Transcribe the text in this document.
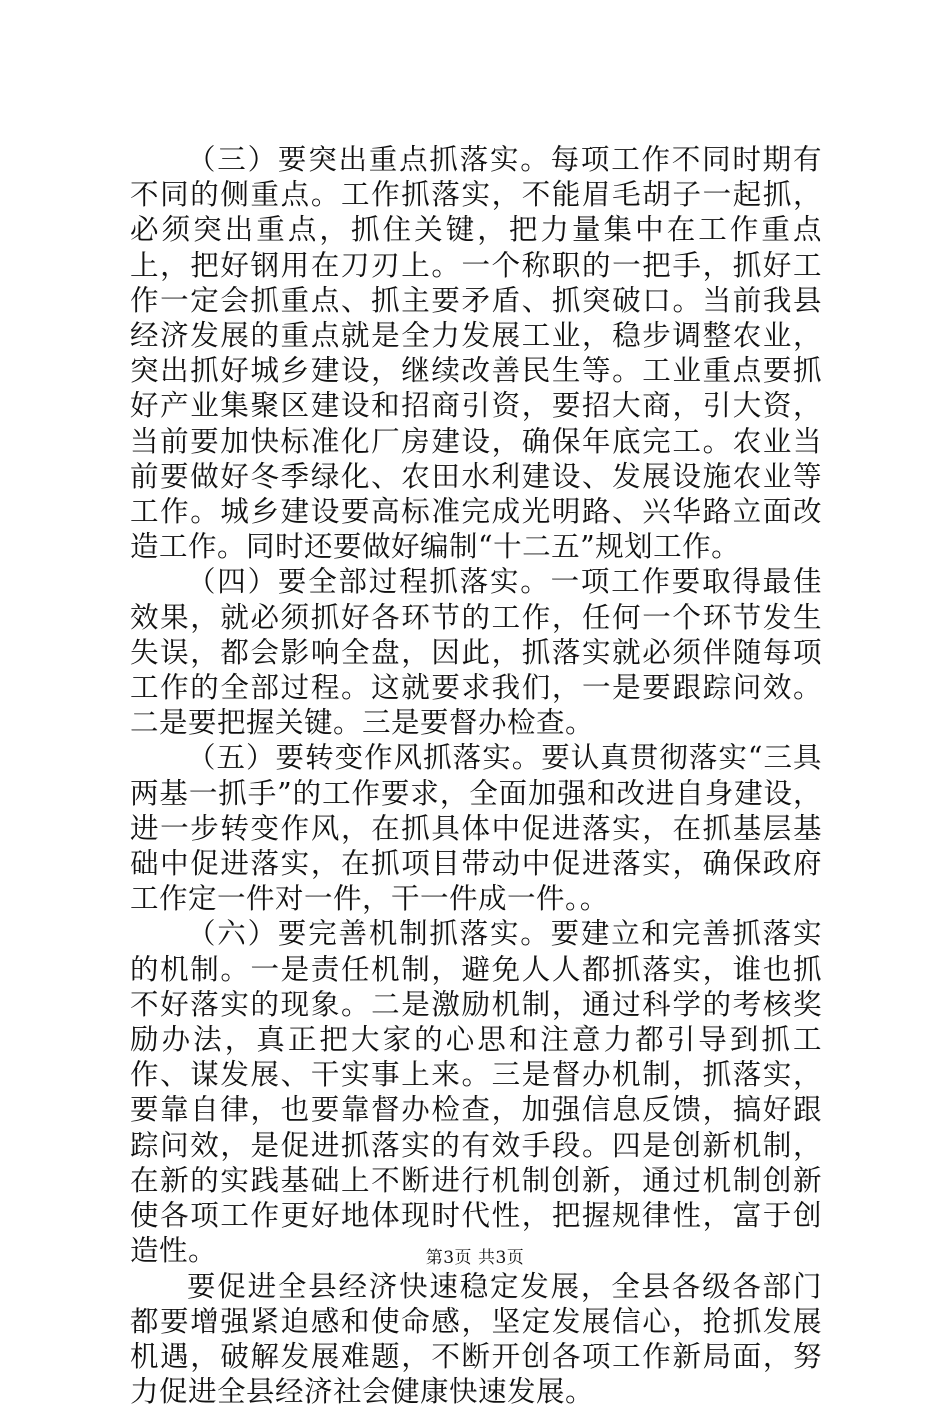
（三）要突出重点抓落实。每项工作不同时期有不同的侧重点。工作抓落实，不能眉毛胡子一起抓，必须突出重点，抓住关键，把力量集中在工作重点上，把好钢用在刀刃上。一个称职的一把手，抓好工作一定会抓重点、抓主要矛盾、抓突破口。当前我县经济发展的重点就是全力发展工业，稳步调整农业，突出抓好城乡建设，继续改善民生等。工业重点要抓好产业集聚区建设和招商引资，要招大商，引大资，当前要加快标准化厂房建设，确保年底完工。农业当前要做好冬季绿化、农田水利建设、发展设施农业等工作。城乡建设要高标准完成光明路、兴华路立面改造工作。同时还要做好编制“十二五”规划工作。

（四）要全部过程抓落实。一项工作要取得最佳效果，就必须抓好各环节的工作，任何一个环节发生失误，都会影响全盘，因此，抓落实就必须伴随每项工作的全部过程。这就要求我们，一是要跟踪问效。二是要把握关键。三是要督办检查。

（五）要转变作风抓落实。要认真贯彻落实“三具两基一抓手”的工作要求，全面加强和改进自身建设，进一步转变作风，在抓具体中促进落实，在抓基层基础中促进落实，在抓项目带动中促进落实，确保政府工作定一件对一件，干一件成一件。。

（六）要完善机制抓落实。要建立和完善抓落实的机制。一是责任机制，避免人人都抓落实，谁也抓不好落实的现象。二是激励机制，通过科学的考核奖励办法，真正把大家的心思和注意力都引导到抓工作、谋发展、干实事上来。三是督办机制，抓落实，要靠自律，也要靠督办检查，加强信息反馈，搞好跟踪问效，是促进抓落实的有效手段。四是创新机制，在新的实践基础上不断进行机制创新，通过机制创新使各项工作更好地体现时代性，把握规律性，富于创造性。

要促进全县经济快速稳定发展，全县各级各部门都要增强紧迫感和使命感，坚定发展信心，抢抓发展机遇，破解发展难题，不断开创各项工作新局面，努力促进全县经济社会健康快速发展。

第3页 共3页
